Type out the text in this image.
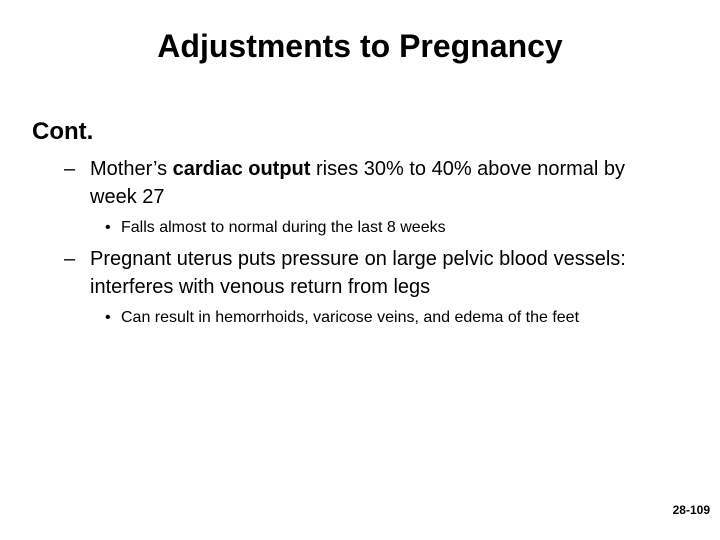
Adjustments to Pregnancy

Cont.

– Mother’s cardiac output rises 30% to 40% above normal by week 27
• Falls almost to normal during the last 8 weeks
– Pregnant uterus puts pressure on large pelvic blood vessels: interferes with venous return from legs
• Can result in hemorrhoids, varicose veins, and edema of the feet

28-109
